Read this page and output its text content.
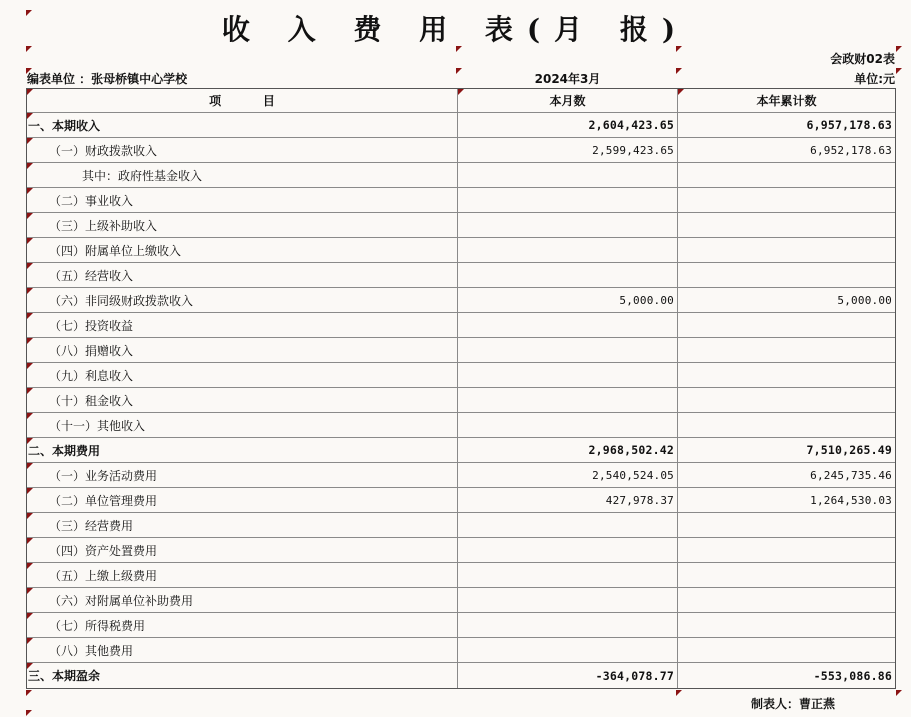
收 入 费 用 表(月 报)
会政财02表
编表单位 ：张母桥镇中心学校	2024年3月	单位:元
项          目	本月数	本年累计数
一、本期收入	2,604,423.65	6,957,178.63
（一）财政拨款收入	2,599,423.65	6,952,178.63
其中：政府性基金收入
（二）事业收入
（三）上级补助收入
（四）附属单位上缴收入
（五）经营收入
（六）非同级财政拨款收入	5,000.00	5,000.00
（七）投资收益
（八）捐赠收入
（九）利息收入
（十）租金收入
（十一）其他收入
二、本期费用	2,968,502.42	7,510,265.49
（一）业务活动费用	2,540,524.05	6,245,735.46
（二）单位管理费用	427,978.37	1,264,530.03
（三）经营费用
（四）资产处置费用
（五）上缴上级费用
（六）对附属单位补助费用
（七）所得税费用
（八）其他费用
三、本期盈余	-364,078.77	-553,086.86
制表人：曹正燕
